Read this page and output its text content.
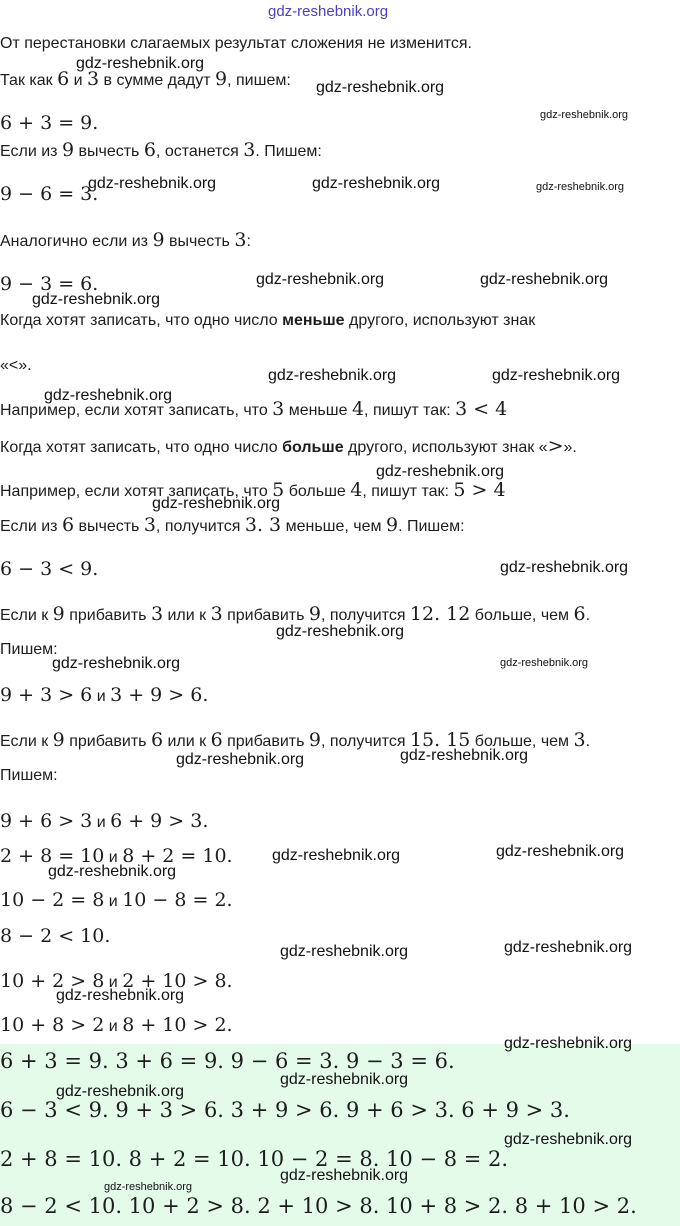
От перестановки слагаемых результат сложения не изменится.
Так как 6 и 3 в сумме дадут 9, пишем:
6 + 3 = 9.
Если из 9 вычесть 6, останется 3. Пишем:
9 − 6 = 3.
Аналогично если из 9 вычесть 3:
9 − 3 = 6.
Когда хотят записать, что одно число меньше другого, используют знак
«<».
Например, если хотят записать, что 3 меньше 4, пишут так: 3 < 4
Когда хотят записать, что одно число больше другого, используют знак «>».
Например, если хотят записать, что 5 больше 4, пишут так: 5 > 4
Если из 6 вычесть 3, получится 3. 3 меньше, чем 9. Пишем:
6 − 3 < 9.
Если к 9 прибавить 3 или к 3 прибавить 9, получится 12. 12 больше, чем 6.
Пишем:
9 + 3 > 6 и 3 + 9 > 6.
Если к 9 прибавить 6 или к 6 прибавить 9, получится 15. 15 больше, чем 3.
Пишем:
9 + 6 > 3 и 6 + 9 > 3.
2 + 8 = 10 и 8 + 2 = 10.
10 − 2 = 8 и 10 − 8 = 2.
8 − 2 < 10.
10 + 2 > 8 и 2 + 10 > 8.
10 + 8 > 2 и 8 + 10 > 2.
6 + 3 = 9. 3 + 6 = 9. 9 − 6 = 3. 9 − 3 = 6.
6 − 3 < 9. 9 + 3 > 6. 3 + 9 > 6. 9 + 6 > 3. 6 + 9 > 3.
2 + 8 = 10. 8 + 2 = 10. 10 − 2 = 8. 10 − 8 = 2.
8 − 2 < 10. 10 + 2 > 8. 2 + 10 > 8. 10 + 8 > 2. 8 + 10 > 2.
gdz-reshebnik.org
gdz-reshebnik.org
gdz-reshebnik.org
gdz-reshebnik.org
gdz-reshebnik.org	gdz-reshebnik.org	gdz-reshebnik.org
gdz-reshebnik.org	gdz-reshebnik.org
gdz-reshebnik.org
gdz-reshebnik.org	gdz-reshebnik.org
gdz-reshebnik.org
gdz-reshebnik.org
gdz-reshebnik.org
gdz-reshebnik.org
gdz-reshebnik.org
gdz-reshebnik.org	gdz-reshebnik.org
gdz-reshebnik.org	gdz-reshebnik.org
gdz-reshebnik.org	gdz-reshebnik.org
gdz-reshebnik.org
gdz-reshebnik.org	gdz-reshebnik.org
gdz-reshebnik.org
gdz-reshebnik.org
gdz-reshebnik.org
gdz-reshebnik.org
gdz-reshebnik.org
gdz-reshebnik.org
gdz-reshebnik.org
